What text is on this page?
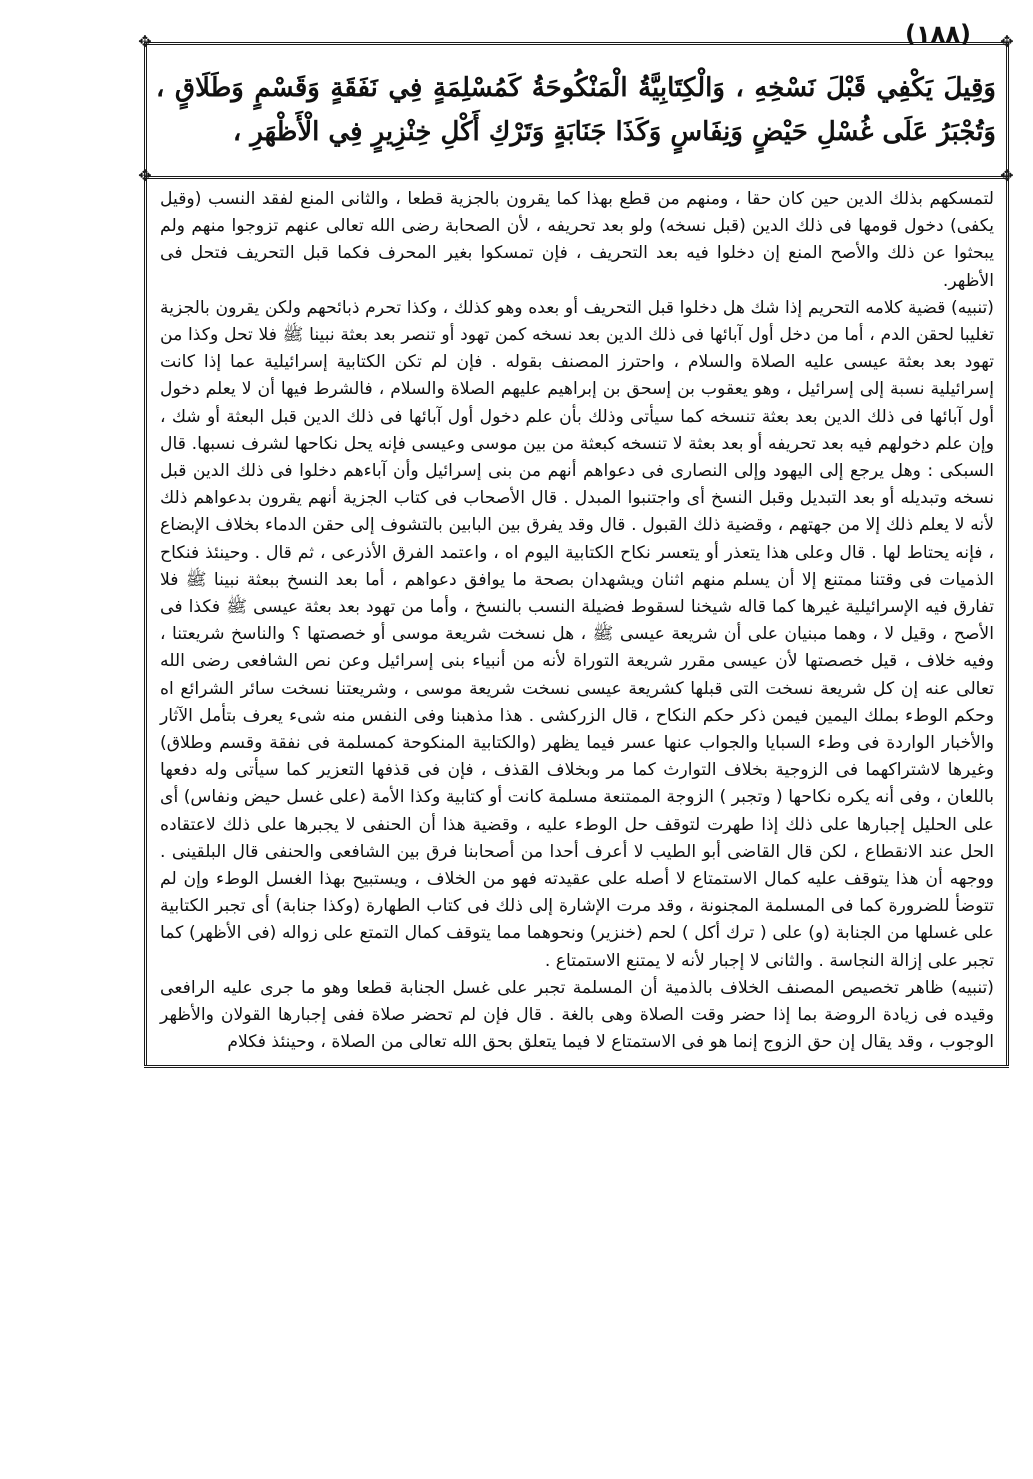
(١٨٨)	✥
✥
✥
✥

وَقِيلَ يَكْفِي قَبْلَ نَسْخِهِ ، وَالْكِتَابِيَّةُ الْمَنْكُوحَةُ كَمُسْلِمَةٍ فِي نَفَقَةٍ وَقَسْمٍ وَطَلَاقٍ ، وَتُجْبَرُ عَلَى غُسْلِ حَيْضٍ وَنِفَاسٍ وَكَذَا جَنَابَةٍ وَتَرْكِ أَكْلِ خِنْزِيرٍ فِي الْأَظْهَرِ ،

لتمسكهم بذلك الدين حين كان حقا ، ومنهم من قطع بهذا كما يقرون بالجزية قطعا ، والثانى المنع لفقد النسب (وقيل يكفى) دخول قومها فى ذلك الدين (قبل نسخه) ولو بعد تحريفه ، لأن الصحابة رضى الله تعالى عنهم تزوجوا منهم ولم يبحثوا عن ذلك والأصح المنع إن دخلوا فيه بعد التحريف ، فإن تمسكوا بغير المحرف فكما قبل التحريف فتحل فى الأظهر.

(تنبيه) قضية كلامه التحريم إذا شك هل دخلوا قبل التحريف أو بعده وهو كذلك ، وكذا تحرم ذبائحهم ولكن يقرون بالجزية تغليبا لحقن الدم ، أما من دخل أول آبائها فى ذلك الدين بعد نسخه كمن تهود أو تنصر بعد بعثة نبينا ﷺ فلا تحل وكذا من تهود بعد بعثة عيسى عليه الصلاة والسلام ، واحترز المصنف بقوله . فإن لم تكن الكتابية إسرائيلية عما إذا كانت إسرائيلية نسبة إلى إسرائيل ، وهو يعقوب بن إسحق بن إبراهيم عليهم الصلاة والسلام ، فالشرط فيها أن لا يعلم دخول أول آبائها فى ذلك الدين بعد بعثة تنسخه كما سيأتى وذلك بأن علم دخول أول آبائها فى ذلك الدين قبل البعثة أو شك ، وإن علم دخولهم فيه بعد تحريفه أو بعد بعثة لا تنسخه كبعثة من بين موسى وعيسى فإنه يحل نكاحها لشرف نسبها. قال السبكى : وهل يرجع إلى اليهود وإلى النصارى فى دعواهم أنهم من بنى إسرائيل وأن آباءهم دخلوا فى ذلك الدين قبل نسخه وتبديله أو بعد التبديل وقبل النسخ أى واجتنبوا المبدل . قال الأصحاب فى كتاب الجزية أنهم يقرون بدعواهم ذلك لأنه لا يعلم ذلك إلا من جهتهم ، وقضية ذلك القبول . قال وقد يفرق بين البابين بالتشوف إلى حقن الدماء بخلاف الإبضاع ، فإنه يحتاط لها . قال وعلى هذا يتعذر أو يتعسر نكاح الكتابية اليوم اه ، واعتمد الفرق الأذرعى ، ثم قال . وحينئذ فنكاح الذميات فى وقتنا ممتنع إلا أن يسلم منهم اثنان ويشهدان بصحة ما يوافق دعواهم ، أما بعد النسخ ببعثة نبينا ﷺ فلا تفارق فيه الإسرائيلية غيرها كما قاله شيخنا لسقوط فضيلة النسب بالنسخ ، وأما من تهود بعد بعثة عيسى ﷺ فكذا فى الأصح ، وقيل لا ، وهما مبنيان على أن شريعة عيسى ﷺ ، هل نسخت شريعة موسى أو خصصتها ؟ والناسخ شريعتنا ، وفيه خلاف ، قيل خصصتها لأن عيسى مقرر شريعة التوراة لأنه من أنبياء بنى إسرائيل وعن نص الشافعى رضى الله تعالى عنه إن كل شريعة نسخت التى قبلها كشريعة عيسى نسخت شريعة موسى ، وشريعتنا نسخت سائر الشرائع اه وحكم الوطء بملك اليمين فيمن ذكر حكم النكاح ، قال الزركشى . هذا مذهبنا وفى النفس منه شىء يعرف بتأمل الآثار والأخبار الواردة فى وطء السبايا والجواب عنها عسر فيما يظهر (والكتابية المنكوحة كمسلمة فى نفقة وقسم وطلاق) وغيرها لاشتراكهما فى الزوجية بخلاف التوارث كما مر وبخلاف القذف ، فإن فى قذفها التعزير كما سيأتى وله دفعها باللعان ، وفى أنه يكره نكاحها ( وتجبر ) الزوجة الممتنعة مسلمة كانت أو كتابية وكذا الأمة (على غسل حيض ونفاس) أى على الحليل إجبارها على ذلك إذا طهرت لتوقف حل الوطء عليه ، وقضية هذا أن الحنفى لا يجبرها على ذلك لاعتقاده الحل عند الانقطاع ، لكن قال القاضى أبو الطيب لا أعرف أحدا من أصحابنا فرق بين الشافعى والحنفى قال البلقينى . ووجهه أن هذا يتوقف عليه كمال الاستمتاع لا أصله على عقيدته فهو من الخلاف ، ويستبيح بهذا الغسل الوطء وإن لم تتوضأ للضرورة كما فى المسلمة المجنونة ، وقد مرت الإشارة إلى ذلك فى كتاب الطهارة (وكذا جنابة) أى تجبر الكتابية على غسلها من الجنابة (و) على ( ترك أكل ) لحم (خنزير) ونحوهما مما يتوقف كمال التمتع على زواله (فى الأظهر) كما تجبر على إزالة النجاسة . والثانى لا إجبار لأنه لا يمتنع الاستمتاع .

(تنبيه) ظاهر تخصيص المصنف الخلاف بالذمية أن المسلمة تجبر على غسل الجنابة قطعا وهو ما جرى عليه الرافعى وقيده فى زيادة الروضة بما إذا حضر وقت الصلاة وهى بالغة . قال فإن لم تحضر صلاة ففى إجبارها القولان والأظهر الوجوب ، وقد يقال إن حق الزوج إنما هو فى الاستمتاع لا فيما يتعلق بحق الله تعالى من الصلاة ، وحينئذ فكلام
